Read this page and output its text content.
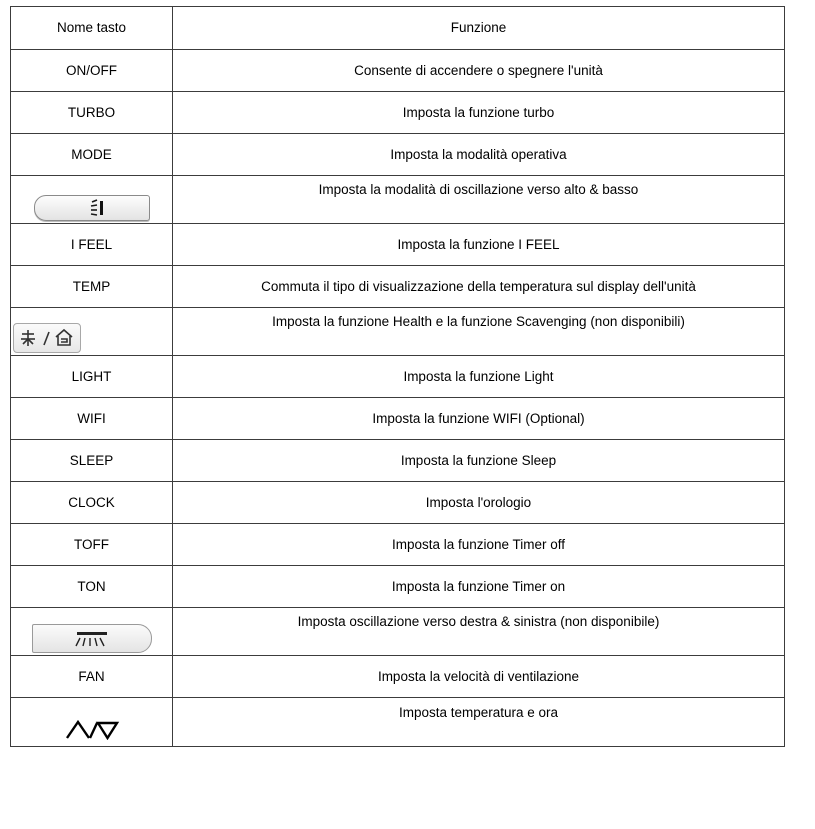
Nome tasto	Funzione
ON/OFF	Consente di accendere o spegnere l'unità
TURBO	Imposta la funzione turbo
MODE	Imposta la modalità operativa

	Imposta la modalità di oscillazione verso alto & basso
I FEEL	Imposta la funzione I FEEL
TEMP	Commuta il tipo di visualizzazione della temperatura sul display dell'unità

	Imposta la funzione Health e la funzione Scavenging (non disponibili)
LIGHT	Imposta la funzione Light
WIFI	Imposta la funzione WIFI (Optional)
SLEEP	Imposta la funzione Sleep
CLOCK	Imposta l'orologio
TOFF	Imposta la funzione Timer off
TON	Imposta la funzione Timer on

	Imposta oscillazione verso destra & sinistra (non disponibile)
FAN	Imposta la velocità di ventilazione

	Imposta temperatura e ora
